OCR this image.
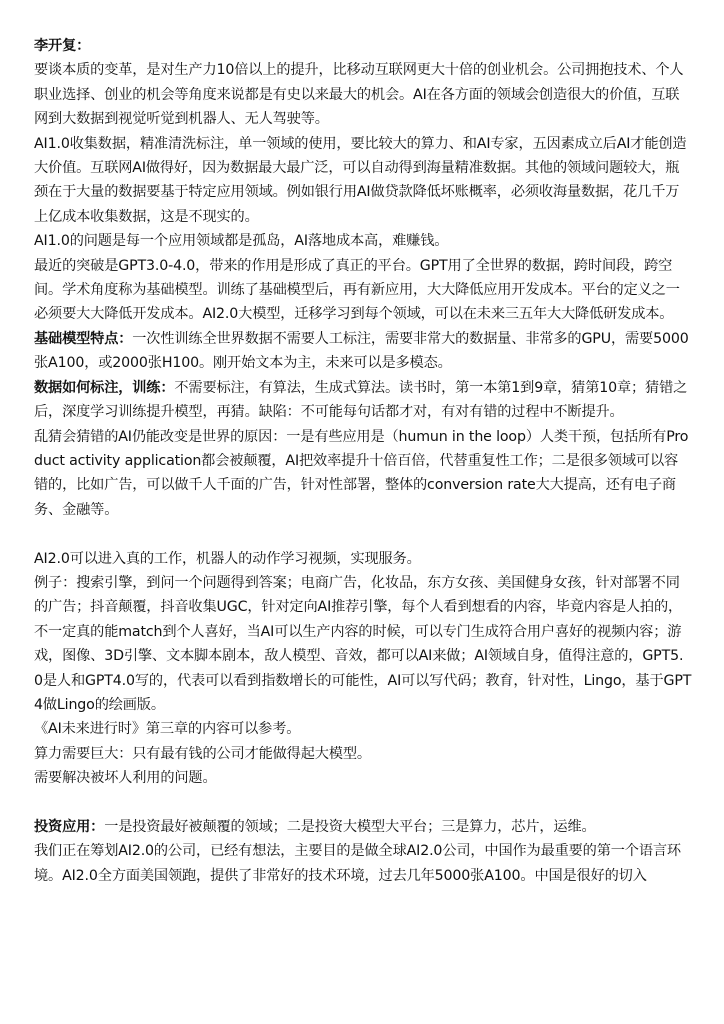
李开复：

要谈本质的变革，是对生产力10倍以上的提升，比移动互联网更大十倍的创业机会。公司拥抱技术、个人职业选择、创业的机会等角度来说都是有史以来最大的机会。AI在各方面的领域会创造很大的价值，互联网到大数据到视觉听觉到机器人、无人驾驶等。

AI1.0收集数据，精准清洗标注，单一领域的使用，要比较大的算力、和AI专家，五因素成立后AI才能创造大价值。互联网AI做得好，因为数据最大最广泛，可以自动得到海量精准数据。其他的领域问题较大，瓶颈在于大量的数据要基于特定应用领域。例如银行用AI做贷款降低坏账概率，必须收海量数据，花几千万上亿成本收集数据，这是不现实的。

AI1.0的问题是每一个应用领域都是孤岛，AI落地成本高，难赚钱。

最近的突破是GPT3.0-4.0，带来的作用是形成了真正的平台。GPT用了全世界的数据，跨时间段，跨空间。学术角度称为基础模型。训练了基础模型后，再有新应用，大大降低应用开发成本。平台的定义之一必须要大大降低开发成本。AI2.0大模型，迁移学习到每个领域，可以在未来三五年大大降低研发成本。

基础模型特点：一次性训练全世界数据不需要人工标注，需要非常大的数据量、非常多的GPU，需要5000张A100，或2000张H100。刚开始文本为主，未来可以是多模态。

数据如何标注，训练：不需要标注，有算法，生成式算法。读书时，第一本第1到9章，猜第10章；猜错之后，深度学习训练提升模型，再猜。缺陷：不可能每句话都才对，有对有错的过程中不断提升。

乱猜会猜错的AI仍能改变是世界的原因：一是有些应用是（humun in the loop）人类干预，包括所有Product activity application都会被颠覆，AI把效率提升十倍百倍，代替重复性工作；二是很多领域可以容错的，比如广告，可以做千人千面的广告，针对性部署，整体的conversion rate大大提高，还有电子商务、金融等。

AI2.0可以进入真的工作，机器人的动作学习视频，实现服务。

例子：搜索引擎，到问一个问题得到答案；电商广告，化妆品，东方女孩、美国健身女孩，针对部署不同的广告；抖音颠覆，抖音收集UGC，针对定向AI推荐引擎，每个人看到想看的内容，毕竟内容是人拍的，不一定真的能match到个人喜好，当AI可以生产内容的时候，可以专门生成符合用户喜好的视频内容；游戏，图像、3D引擎、文本脚本剧本，敌人模型、音效，都可以AI来做；AI领域自身，值得注意的，GPT5.0是人和GPT4.0写的，代表可以看到指数增长的可能性，AI可以写代码；教育，针对性，Lingo，基于GPT4做Lingo的绘画版。

《AI未来进行时》第三章的内容可以参考。

算力需要巨大：只有最有钱的公司才能做得起大模型。

需要解决被坏人利用的问题。

投资应用：一是投资最好被颠覆的领域；二是投资大模型大平台；三是算力，芯片，运维。

我们正在筹划AI2.0的公司，已经有想法，主要目的是做全球AI2.0公司，中国作为最重要的第一个语言环境。AI2.0全方面美国领跑，提供了非常好的技术环境，过去几年5000张A100。中国是很好的切入
